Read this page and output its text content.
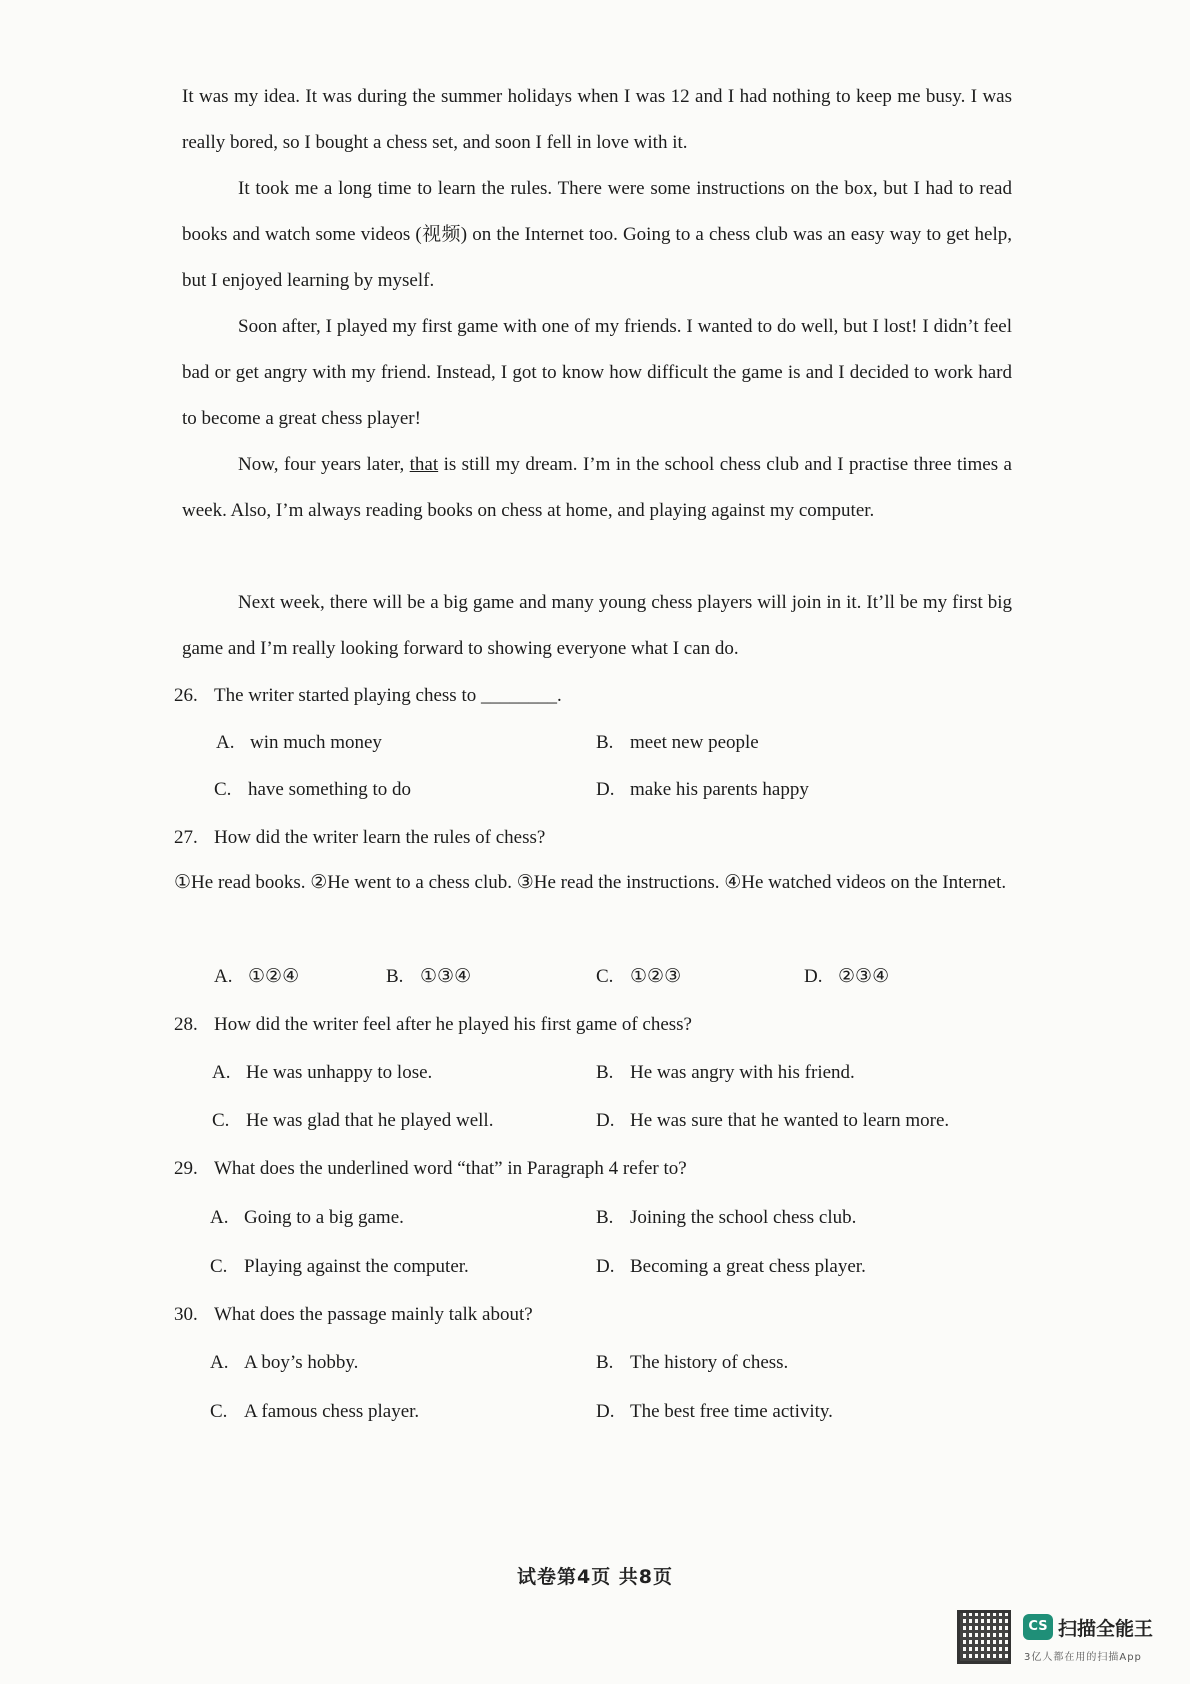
It was my idea. It was during the summer holidays when I was 12 and I had nothing to keep me busy. I was really bored, so I bought a chess set, and soon I fell in love with it.

It took me a long time to learn the rules. There were some instructions on the box, but I had to read books and watch some videos (视频) on the Internet too. Going to a chess club was an easy way to get help, but I enjoyed learning by myself.

Soon after, I played my first game with one of my friends. I wanted to do well, but I lost! I didn’t feel bad or get angry with my friend. Instead, I got to know how difficult the game is and I decided to work hard to become a great chess player!

Now, four years later, that is still my dream. I’m in the school chess club and I practise three times a week. Also, I’m always reading books on chess at home, and playing against my computer.

Next week, there will be a big game and many young chess players will join in it. It’ll be my first big game and I’m really looking forward to showing everyone what I can do.

26. The writer started playing chess to ________.
A. win much money	B. meet new people
C. have something to do	D. make his parents happy
27. How did the writer learn the rules of chess?

①He read books. ②He went to a chess club. ③He read the instructions. ④He watched videos on the Internet.

A. ①②④	B. ①③④	C. ①②③	D. ②③④
28. How did the writer feel after he played his first game of chess?
A. He was unhappy to lose.	B. He was angry with his friend.
C. He was glad that he played well.	D. He was sure that he wanted to learn more.
29. What does the underlined word “that” in Paragraph 4 refer to?
A. Going to a big game.	B. Joining the school chess club.
C. Playing against the computer.	D. Becoming a great chess player.
30. What does the passage mainly talk about?
A. A boy’s hobby.	B. The history of chess.
C. A famous chess player.	D. The best free time activity.
试卷第4页 共8页
CS 扫描全能王
3亿人都在用的扫描App
